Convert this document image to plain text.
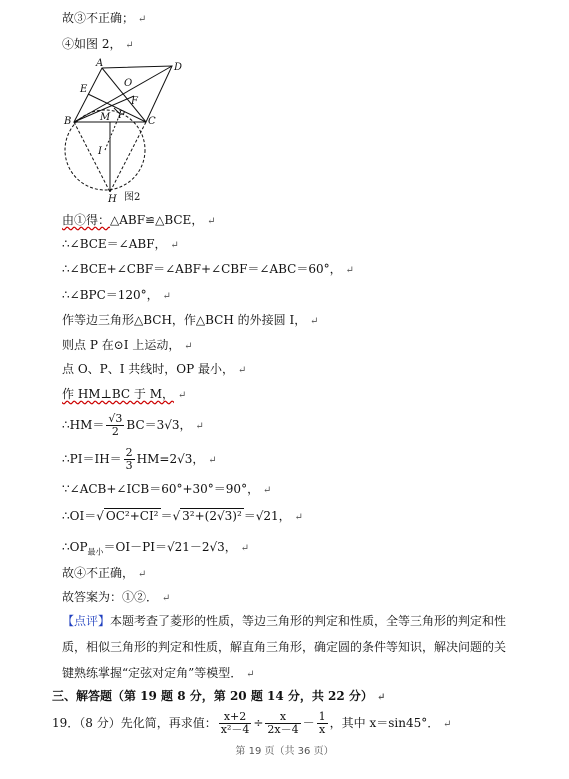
故③不正确； ↵
④如图 2， ↵
A	D
E
O
F
B	M P
C
I
H 图2
由①得：△ABF≌△BCE， ↵
∴∠BCE＝∠ABF， ↵
∴∠BCE+∠CBF＝∠ABF+∠CBF＝∠ABC＝60°， ↵
∴∠BPC＝120°， ↵
作等边三角形△BCH，作△BCH 的外接圆 I， ↵
则点 P 在⊙I 上运动， ↵
点 O、P、I 共线时，OP 最小， ↵
作 HM⊥BC 于 M， ↵
∴HM＝ $\frac{√3}{2} BC=3√3$， ↵
∴PI＝IH＝ $\frac{2}{3} HM=2√3$， ↵
∵∠ACB+∠ICB＝60°+30°＝90°， ↵
∴OI＝√ OC²+CI² ＝√ 3²+(2√3)² ＝√21， ↵
$\therefore OP_{最小}=OI-PI=√21-2√3$， ↵
故④不正确， ↵
故答案为：①②． ↵
【点评】本题考查了菱形的性质，等边三角形的判定和性质，全等三角形的判定和性质，相似三角形的判定和性质，解直角三角形，确定圆的条件等知识，解决问题的关键熟练掌握“定弦对定角”等模型． ↵
三、解答题（第 19 题 8 分，第 20 题 14 分，共 22 分） ↵
19．（8 分）先化简，再求值： $\frac{x+2}{\text{x²－4}} \div \frac{x}{2x-4} - \frac{1}{x}$ ，其中 x＝sin45°． ↵
第 19 页（共 36 页）
